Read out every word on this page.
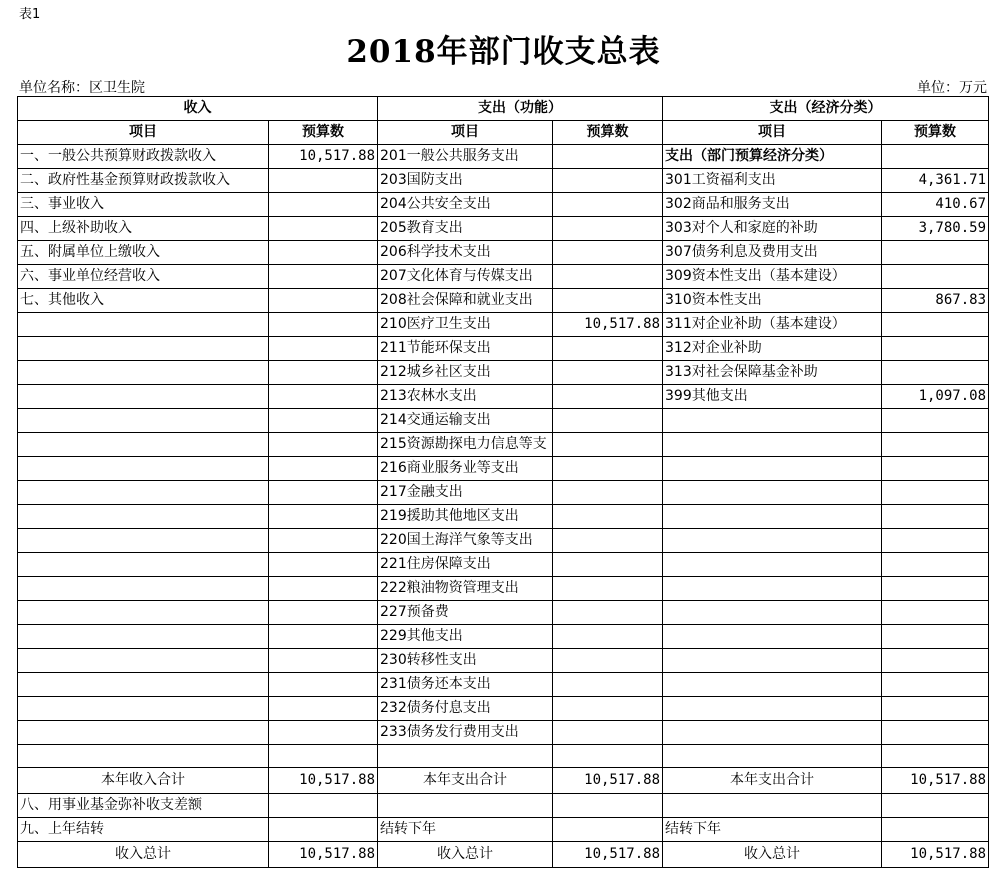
表1
2018年部门收支总表
单位名称：区卫生院	单位：万元
收入		支出（功能）		支出（经济分类）	
项目	预算数	项目	预算数	项目	预算数
一、一般公共预算财政拨款收入	10,517.88	201一般公共服务支出		支出（部门预算经济分类）	
二、政府性基金预算财政拨款收入		203国防支出		301工资福利支出	4,361.71
三、事业收入		204公共安全支出		302商品和服务支出	410.67
四、上级补助收入		205教育支出		303对个人和家庭的补助	3,780.59
五、附属单位上缴收入		206科学技术支出		307债务利息及费用支出	
六、事业单位经营收入		207文化体育与传媒支出		309资本性支出（基本建设）	
七、其他收入		208社会保障和就业支出		310资本性支出	867.83
		210医疗卫生支出	10,517.88	311对企业补助（基本建设）	
		211节能环保支出		312对企业补助	
		212城乡社区支出		313对社会保障基金补助	
		213农林水支出		399其他支出	1,097.08
		214交通运输支出			
		215资源勘探电力信息等支			
		216商业服务业等支出			
		217金融支出			
		219援助其他地区支出			
		220国土海洋气象等支出			
		221住房保障支出			
		222粮油物资管理支出			
		227预备费			
		229其他支出			
		230转移性支出			
		231债务还本支出			
		232债务付息支出			
		233债务发行费用支出			

本年收入合计	10,517.88	本年支出合计	10,517.88	本年支出合计	10,517.88
八、用事业基金弥补收支差额					
九、上年结转		结转下年		结转下年	
收入总计	10,517.88	收入总计	10,517.88	收入总计	10,517.88
